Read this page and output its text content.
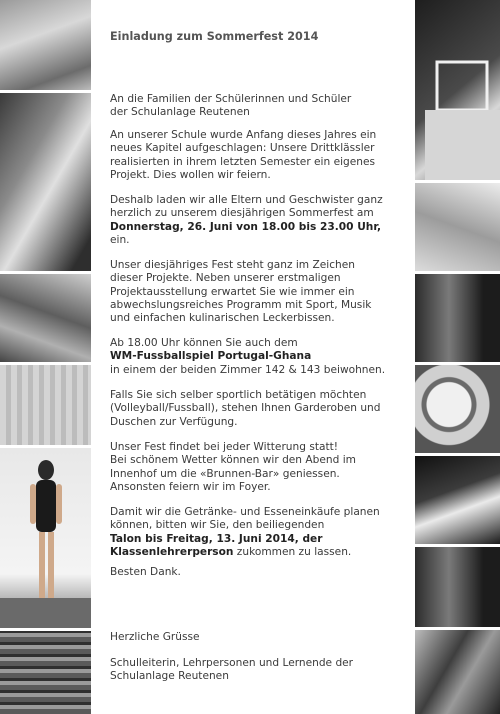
Einladung zum Sommerfest 2014

An die Familien der Schülerinnen und Schüler
der Schulanlage Reutenen

An unserer Schule wurde Anfang dieses Jahres ein
neues Kapitel aufgeschlagen: Unsere Drittklässler
realisierten in ihrem letzten Semester ein eigenes
Projekt. Dies wollen wir feiern.

Deshalb laden wir alle Eltern und Geschwister ganz
herzlich zu unserem diesjährigen Sommerfest am
Donnerstag, 26. Juni von 18.00 bis 23.00 Uhr,
ein.

Unser diesjähriges Fest steht ganz im Zeichen
dieser Projekte. Neben unserer erstmaligen
Projektausstellung erwartet Sie wie immer ein
abwechslungsreiches Programm mit Sport, Musik
und einfachen kulinarischen Leckerbissen.

Ab 18.00 Uhr können Sie auch dem
WM-Fussballspiel Portugal-Ghana
in einem der beiden Zimmer 142 & 143 beiwohnen.

Falls Sie sich selber sportlich betätigen möchten
(Volleyball/Fussball), stehen Ihnen Garderoben und
Duschen zur Verfügung.

Unser Fest findet bei jeder Witterung statt!
Bei schönem Wetter können wir den Abend im
Innenhof um die «Brunnen-Bar» geniessen.
Ansonsten feiern wir im Foyer.

Damit wir die Getränke- und Esseneinkäufe planen
können, bitten wir Sie, den beiliegenden
Talon bis Freitag, 13. Juni 2014, der
Klassenlehrerperson zukommen zu lassen.

Besten Dank.

Herzliche Grüsse

Schulleiterin, Lehrpersonen und Lernende der
Schulanlage Reutenen
